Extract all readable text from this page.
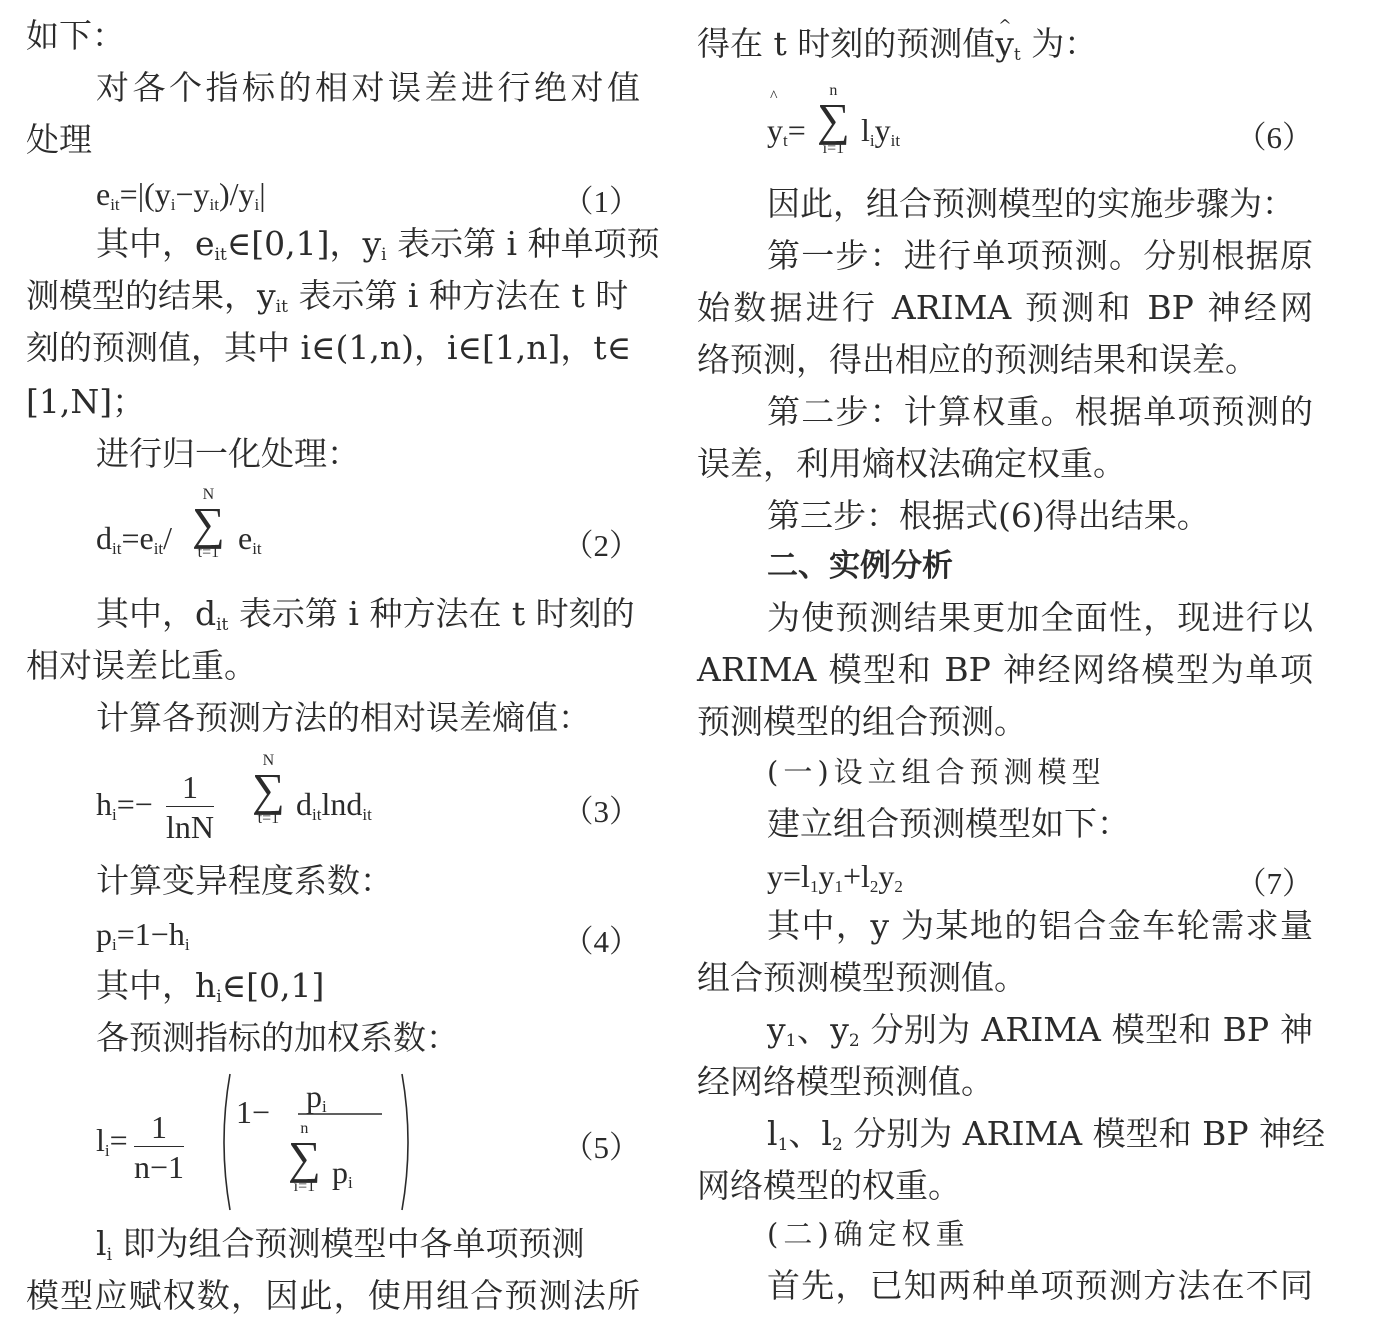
如下：
对各个指标的相对误差进行绝对值
处理
$e_{it}=|(y_i-y_{it})/y_i|$	（1）
其中，$e_{it}\in[0,1]$，$y_i$ 表示第 i 种单项预
测模型的结果，$y_{it}$ 表示第 i 种方法在 t 时
刻的预测值，其中 i∈(1,n)，i∈[1,n]，t∈
[1,N]；
进行归一化处理：
$d_{it}=e_{it}/$
N
∑
t=1 $e_{it}$	（2）
其中，$d_{it}$ 表示第 i 种方法在 t 时刻的
相对误差比重。
计算各预测方法的相对误差熵值：
$h_i=- \frac{1}{\ln N}$
N
∑
t=1 $d_{it}\ln d_{it}$	（3）
计算变异程度系数：
$p_i=1-h_i$	（4）
其中，$h_i\in[0,1]$
各预测指标的加权系数：
$l_i= \frac{1}{n-1} 1- p_i$
n
∑
i=1 $p_i$
（5）
$l_i$ 即为组合预测模型中各单项预测
模型应赋权数，因此，使用组合预测法所
得在 t 时刻的预测值^ $y_t$ 为：
^ $y_t=$
n
∑
i=1
$l_iy_{it}$	（6）
因此，组合预测模型的实施步骤为：
第一步：进行单项预测。分别根据原
始数据进行 ARIMA 预测和 BP 神经网
络预测，得出相应的预测结果和误差。
第二步：计算权重。根据单项预测的
误差，利用熵权法确定权重。
第三步：根据式(6)得出结果。
二、实例分析
为使预测结果更加全面性，现进行以
ARIMA 模型和 BP 神经网络模型为单项
预测模型的组合预测。
(一)设立组合预测模型
建立组合预测模型如下：
$y=l_1y_1+l_2y_2$	（7）
其中，y 为某地的铝合金车轮需求量
组合预测模型预测值。
$y_1$、$y_2$ 分别为 ARIMA 模型和 BP 神
经网络模型预测值。
$l_1$、$l_2$ 分别为 ARIMA 模型和 BP 神经
网络模型的权重。
(二)确定权重
首先，已知两种单项预测方法在不同
